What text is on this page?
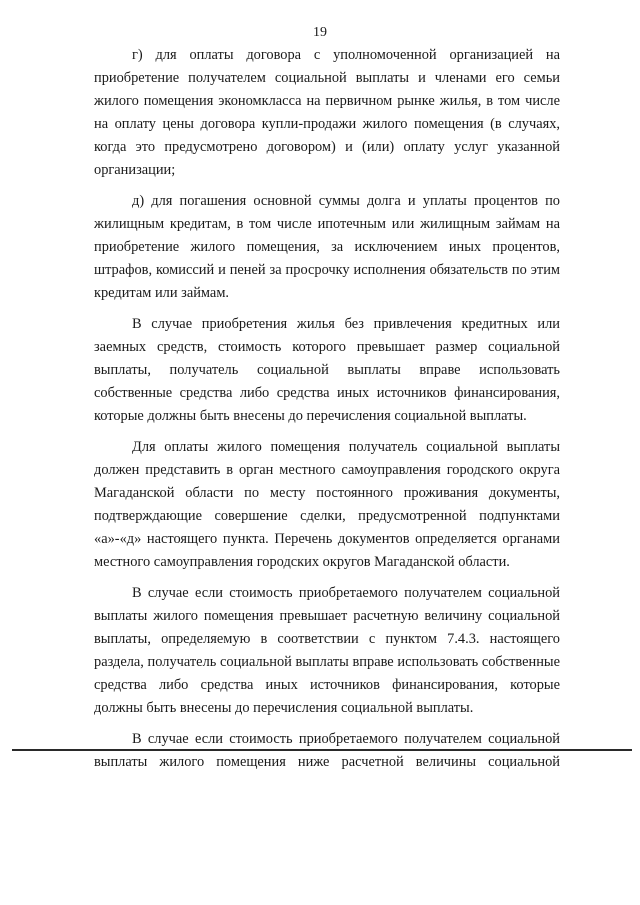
19

г) для оплаты договора с уполномоченной организацией на приобретение получателем социальной выплаты и членами его семьи жилого помещения экономкласса на первичном рынке жилья, в том числе на оплату цены договора купли-продажи жилого помещения (в случаях, когда это предусмотрено договором) и (или) оплату услуг указанной организации;

д) для погашения основной суммы долга и уплаты процентов по жилищным кредитам, в том числе ипотечным или жилищным займам на приобретение жилого помещения, за исключением иных процентов, штрафов, комиссий и пеней за просрочку исполнения обязательств по этим кредитам или займам.

В случае приобретения жилья без привлечения кредитных или заемных средств, стоимость которого превышает размер социальной выплаты, получатель социальной выплаты вправе использовать собственные средства либо средства иных источников финансирования, которые должны быть внесены до перечисления социальной выплаты.

Для оплаты жилого помещения получатель социальной выплаты должен представить в орган местного самоуправления городского округа Магаданской области по месту постоянного проживания документы, подтверждающие совершение сделки, предусмотренной подпунктами «а»-«д» настоящего пункта. Перечень документов определяется органами местного самоуправления городских округов Магаданской области.

В случае если стоимость приобретаемого получателем социальной выплаты жилого помещения превышает расчетную величину социальной выплаты, определяемую в соответствии с пунктом 7.4.3. настоящего раздела, получатель социальной выплаты вправе использовать собственные средства либо средства иных источников финансирования, которые должны быть внесены до перечисления социальной выплаты.

В случае если стоимость приобретаемого получателем социальной выплаты жилого помещения ниже расчетной величины социальной
